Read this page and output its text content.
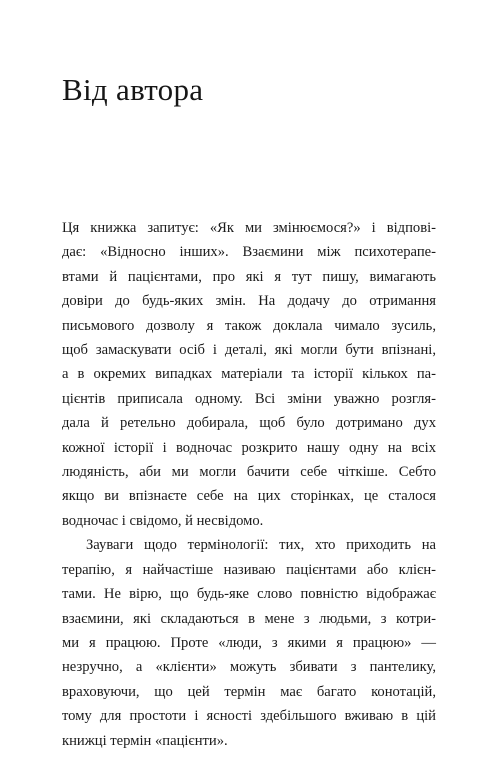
Від автора

Ця книжка запитує: «Як ми змінюємося?» і відпові-
дає: «Відносно інших». Взаємини між психотерапе-
втами й пацієнтами, про які я тут пишу, вимагають
довіри до будь-яких змін. На додачу до отримання
письмового дозволу я також доклала чимало зусиль,
щоб замаскувати осіб і деталі, які могли бути впізнані,
а в окремих випадках матеріали та історії кількох па-
цієнтів приписала одному. Всі зміни уважно розгля-
дала й ретельно добирала, щоб було дотримано дух
кожної історії і водночас розкрито нашу одну на всіх
людяність, аби ми могли бачити себе чіткіше. Себто
якщо ви впізнаєте себе на цих сторінках, це сталося
водночас і свідомо, й несвідомо.

Зауваги щодо термінології: тих, хто приходить на
терапію, я найчастіше називаю пацієнтами або клієн-
тами. Не вірю, що будь-яке слово повністю відображає
взаємини, які складаються в мене з людьми, з котри-
ми я працюю. Проте «люди, з якими я працюю» —
незручно, а «клієнти» можуть збивати з пантелику,
враховуючи, що цей термін має багато конотацій,
тому для простоти і ясності здебільшого вживаю в цій
книжці термін «пацієнти».
